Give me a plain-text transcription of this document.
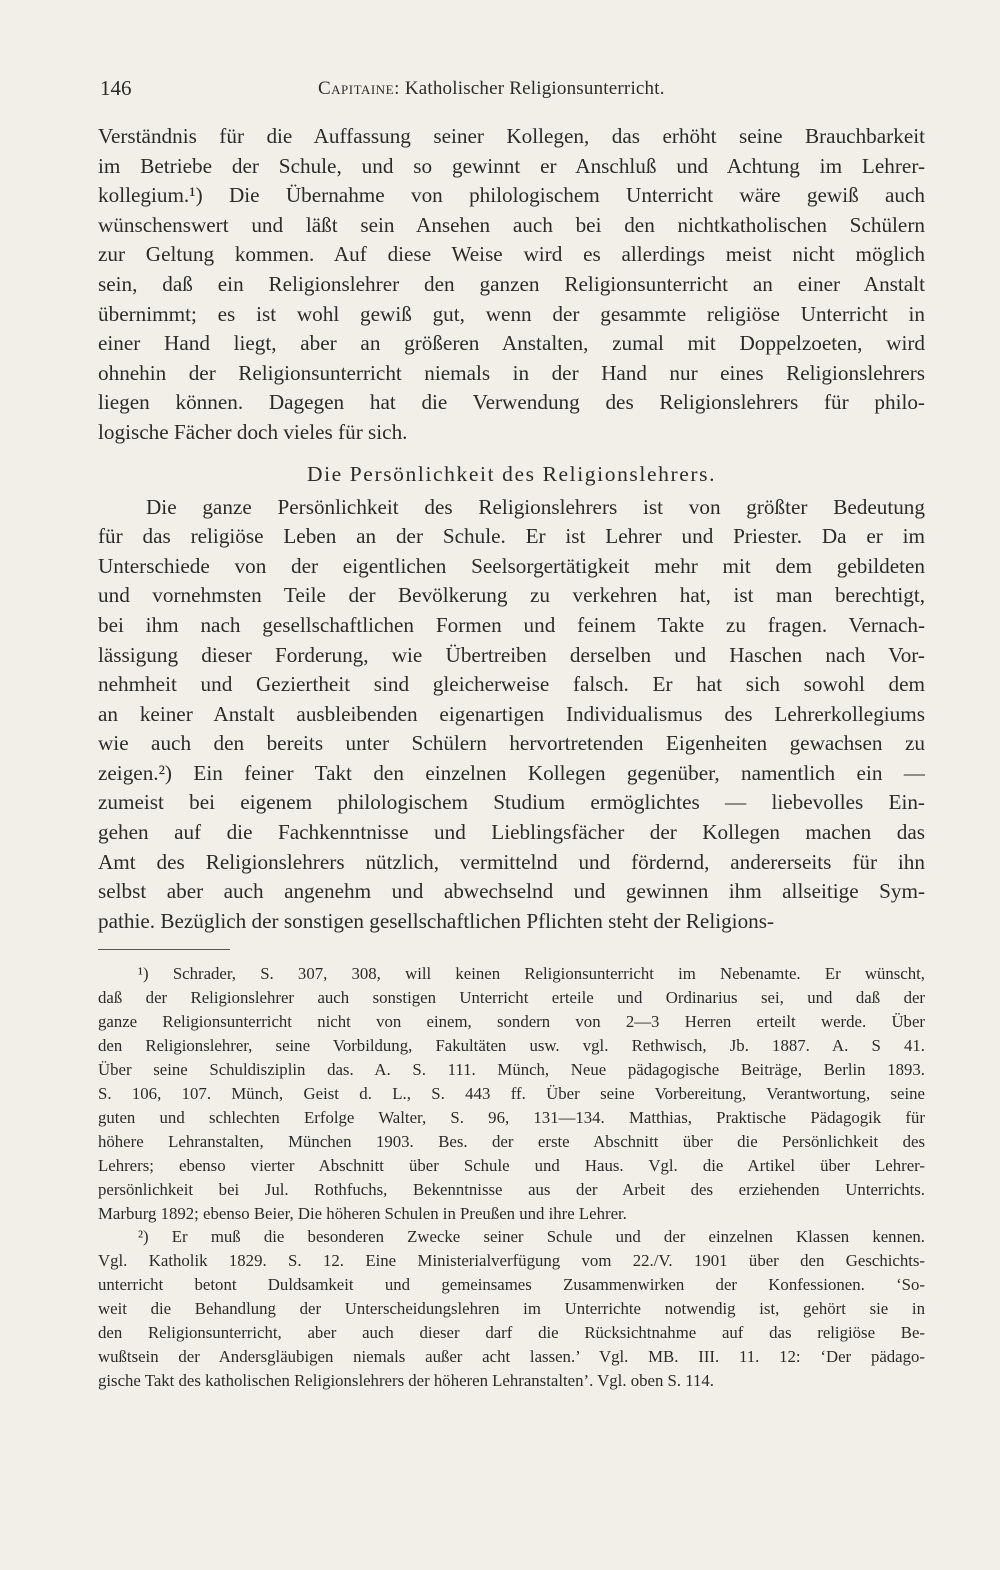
146	Capitaine: Katholischer Religionsunterricht.
Verständnis für die Auffassung seiner Kollegen, das erhöht seine Brauchbarkeit
im Betriebe der Schule, und so gewinnt er Anschluß und Achtung im Lehrer-
kollegium.¹) Die Übernahme von philologischem Unterricht wäre gewiß auch
wünschenswert und läßt sein Ansehen auch bei den nichtkatholischen Schülern
zur Geltung kommen. Auf diese Weise wird es allerdings meist nicht möglich
sein, daß ein Religionslehrer den ganzen Religionsunterricht an einer Anstalt
übernimmt; es ist wohl gewiß gut, wenn der gesammte religiöse Unterricht in
einer Hand liegt, aber an größeren Anstalten, zumal mit Doppelzoeten, wird
ohnehin der Religionsunterricht niemals in der Hand nur eines Religionslehrers
liegen können. Dagegen hat die Verwendung des Religionslehrers für philo-
logische Fächer doch vieles für sich.
Die Persönlichkeit des Religionslehrers.
Die ganze Persönlichkeit des Religionslehrers ist von größter Bedeutung
für das religiöse Leben an der Schule. Er ist Lehrer und Priester. Da er im
Unterschiede von der eigentlichen Seelsorgertätigkeit mehr mit dem gebildeten
und vornehmsten Teile der Bevölkerung zu verkehren hat, ist man berechtigt,
bei ihm nach gesellschaftlichen Formen und feinem Takte zu fragen. Vernach-
lässigung dieser Forderung, wie Übertreiben derselben und Haschen nach Vor-
nehmheit und Geziertheit sind gleicherweise falsch. Er hat sich sowohl dem
an keiner Anstalt ausbleibenden eigenartigen Individualismus des Lehrerkollegiums
wie auch den bereits unter Schülern hervortretenden Eigenheiten gewachsen zu
zeigen.²) Ein feiner Takt den einzelnen Kollegen gegenüber, namentlich ein —
zumeist bei eigenem philologischem Studium ermöglichtes — liebevolles Ein-
gehen auf die Fachkenntnisse und Lieblingsfächer der Kollegen machen das
Amt des Religionslehrers nützlich, vermittelnd und fördernd, andererseits für ihn
selbst aber auch angenehm und abwechselnd und gewinnen ihm allseitige Sym-
pathie. Bezüglich der sonstigen gesellschaftlichen Pflichten steht der Religions-
¹) Schrader, S. 307, 308, will keinen Religionsunterricht im Nebenamte. Er wünscht,
daß der Religionslehrer auch sonstigen Unterricht erteile und Ordinarius sei, und daß der
ganze Religionsunterricht nicht von einem, sondern von 2—3 Herren erteilt werde. Über
den Religionslehrer, seine Vorbildung, Fakultäten usw. vgl. Rethwisch, Jb. 1887. A. S 41.
Über seine Schuldisziplin das. A. S. 111. Münch, Neue pädagogische Beiträge, Berlin 1893.
S. 106, 107. Münch, Geist d. L., S. 443 ff. Über seine Vorbereitung, Verantwortung, seine
guten und schlechten Erfolge Walter, S. 96, 131—134. Matthias, Praktische Pädagogik für
höhere Lehranstalten, München 1903. Bes. der erste Abschnitt über die Persönlichkeit des
Lehrers; ebenso vierter Abschnitt über Schule und Haus. Vgl. die Artikel über Lehrer-
persönlichkeit bei Jul. Rothfuchs, Bekenntnisse aus der Arbeit des erziehenden Unterrichts.
Marburg 1892; ebenso Beier, Die höheren Schulen in Preußen und ihre Lehrer.
²) Er muß die besonderen Zwecke seiner Schule und der einzelnen Klassen kennen.
Vgl. Katholik 1829. S. 12. Eine Ministerialverfügung vom 22./V. 1901 über den Geschichts-
unterricht betont Duldsamkeit und gemeinsames Zusammenwirken der Konfessionen. ʻSo-
weit die Behandlung der Unterscheidungslehren im Unterrichte notwendig ist, gehört sie in
den Religionsunterricht, aber auch dieser darf die Rücksichtnahme auf das religiöse Be-
wußtsein der Andersgläubigen niemals außer acht lassen.’ Vgl. MB. III. 11. 12: ʻDer pädago-
gische Takt des katholischen Religionslehrers der höheren Lehranstalten’. Vgl. oben S. 114.
